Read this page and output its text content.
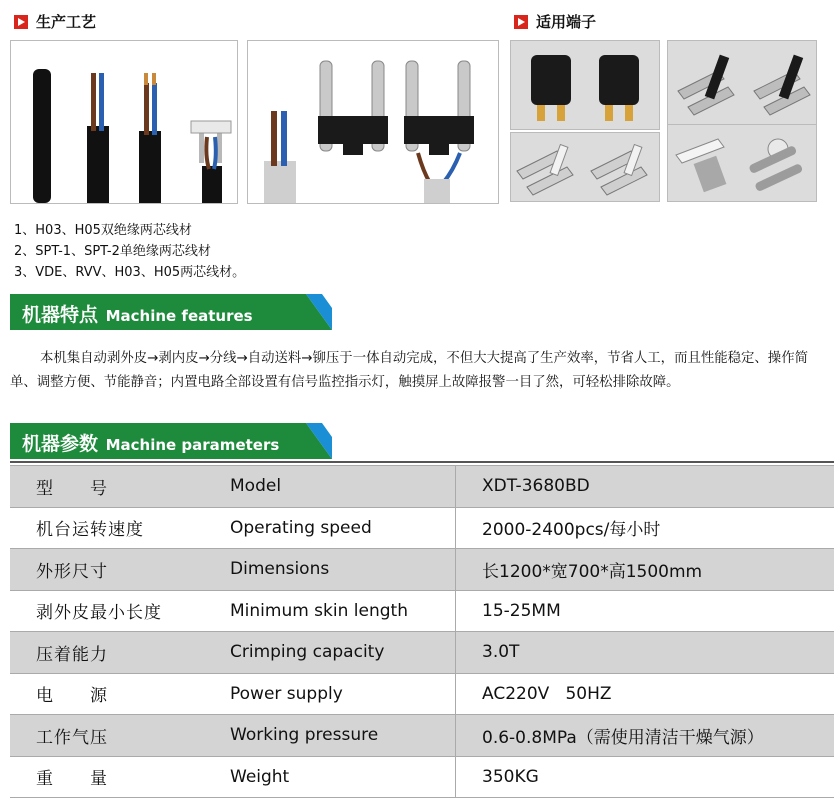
生产工艺	适用端子
1、H03、H05双绝缘两芯线材
2、SPT-1、SPT-2单绝缘两芯线材
3、VDE、RVV、H03、H05两芯线材。
机器特点 Machine features
本机集自动剥外皮→剥内皮→分线→自动送料→铆压于一体自动完成，不但大大提高了生产效率，节省人工，而且性能稳定、操作简单、调整方便、节能静音；内置电路全部设置有信号监控指示灯，触摸屏上故障报警一目了然，可轻松排除故障。
机器参数 Machine parameters
型　　号	Model	XDT-3680BD
机台运转速度	Operating speed	2000-2400pcs/每小时
外形尺寸	Dimensions	长1200*宽700*高1500mm
剥外皮最小长度	Minimum skin length	15-25MM
压着能力	Crimping capacity	3.0T
电　　源	Power supply	AC220V   50HZ
工作气压	Working pressure	0.6-0.8MPa（需使用清洁干燥气源）
重　　量	Weight	350KG
